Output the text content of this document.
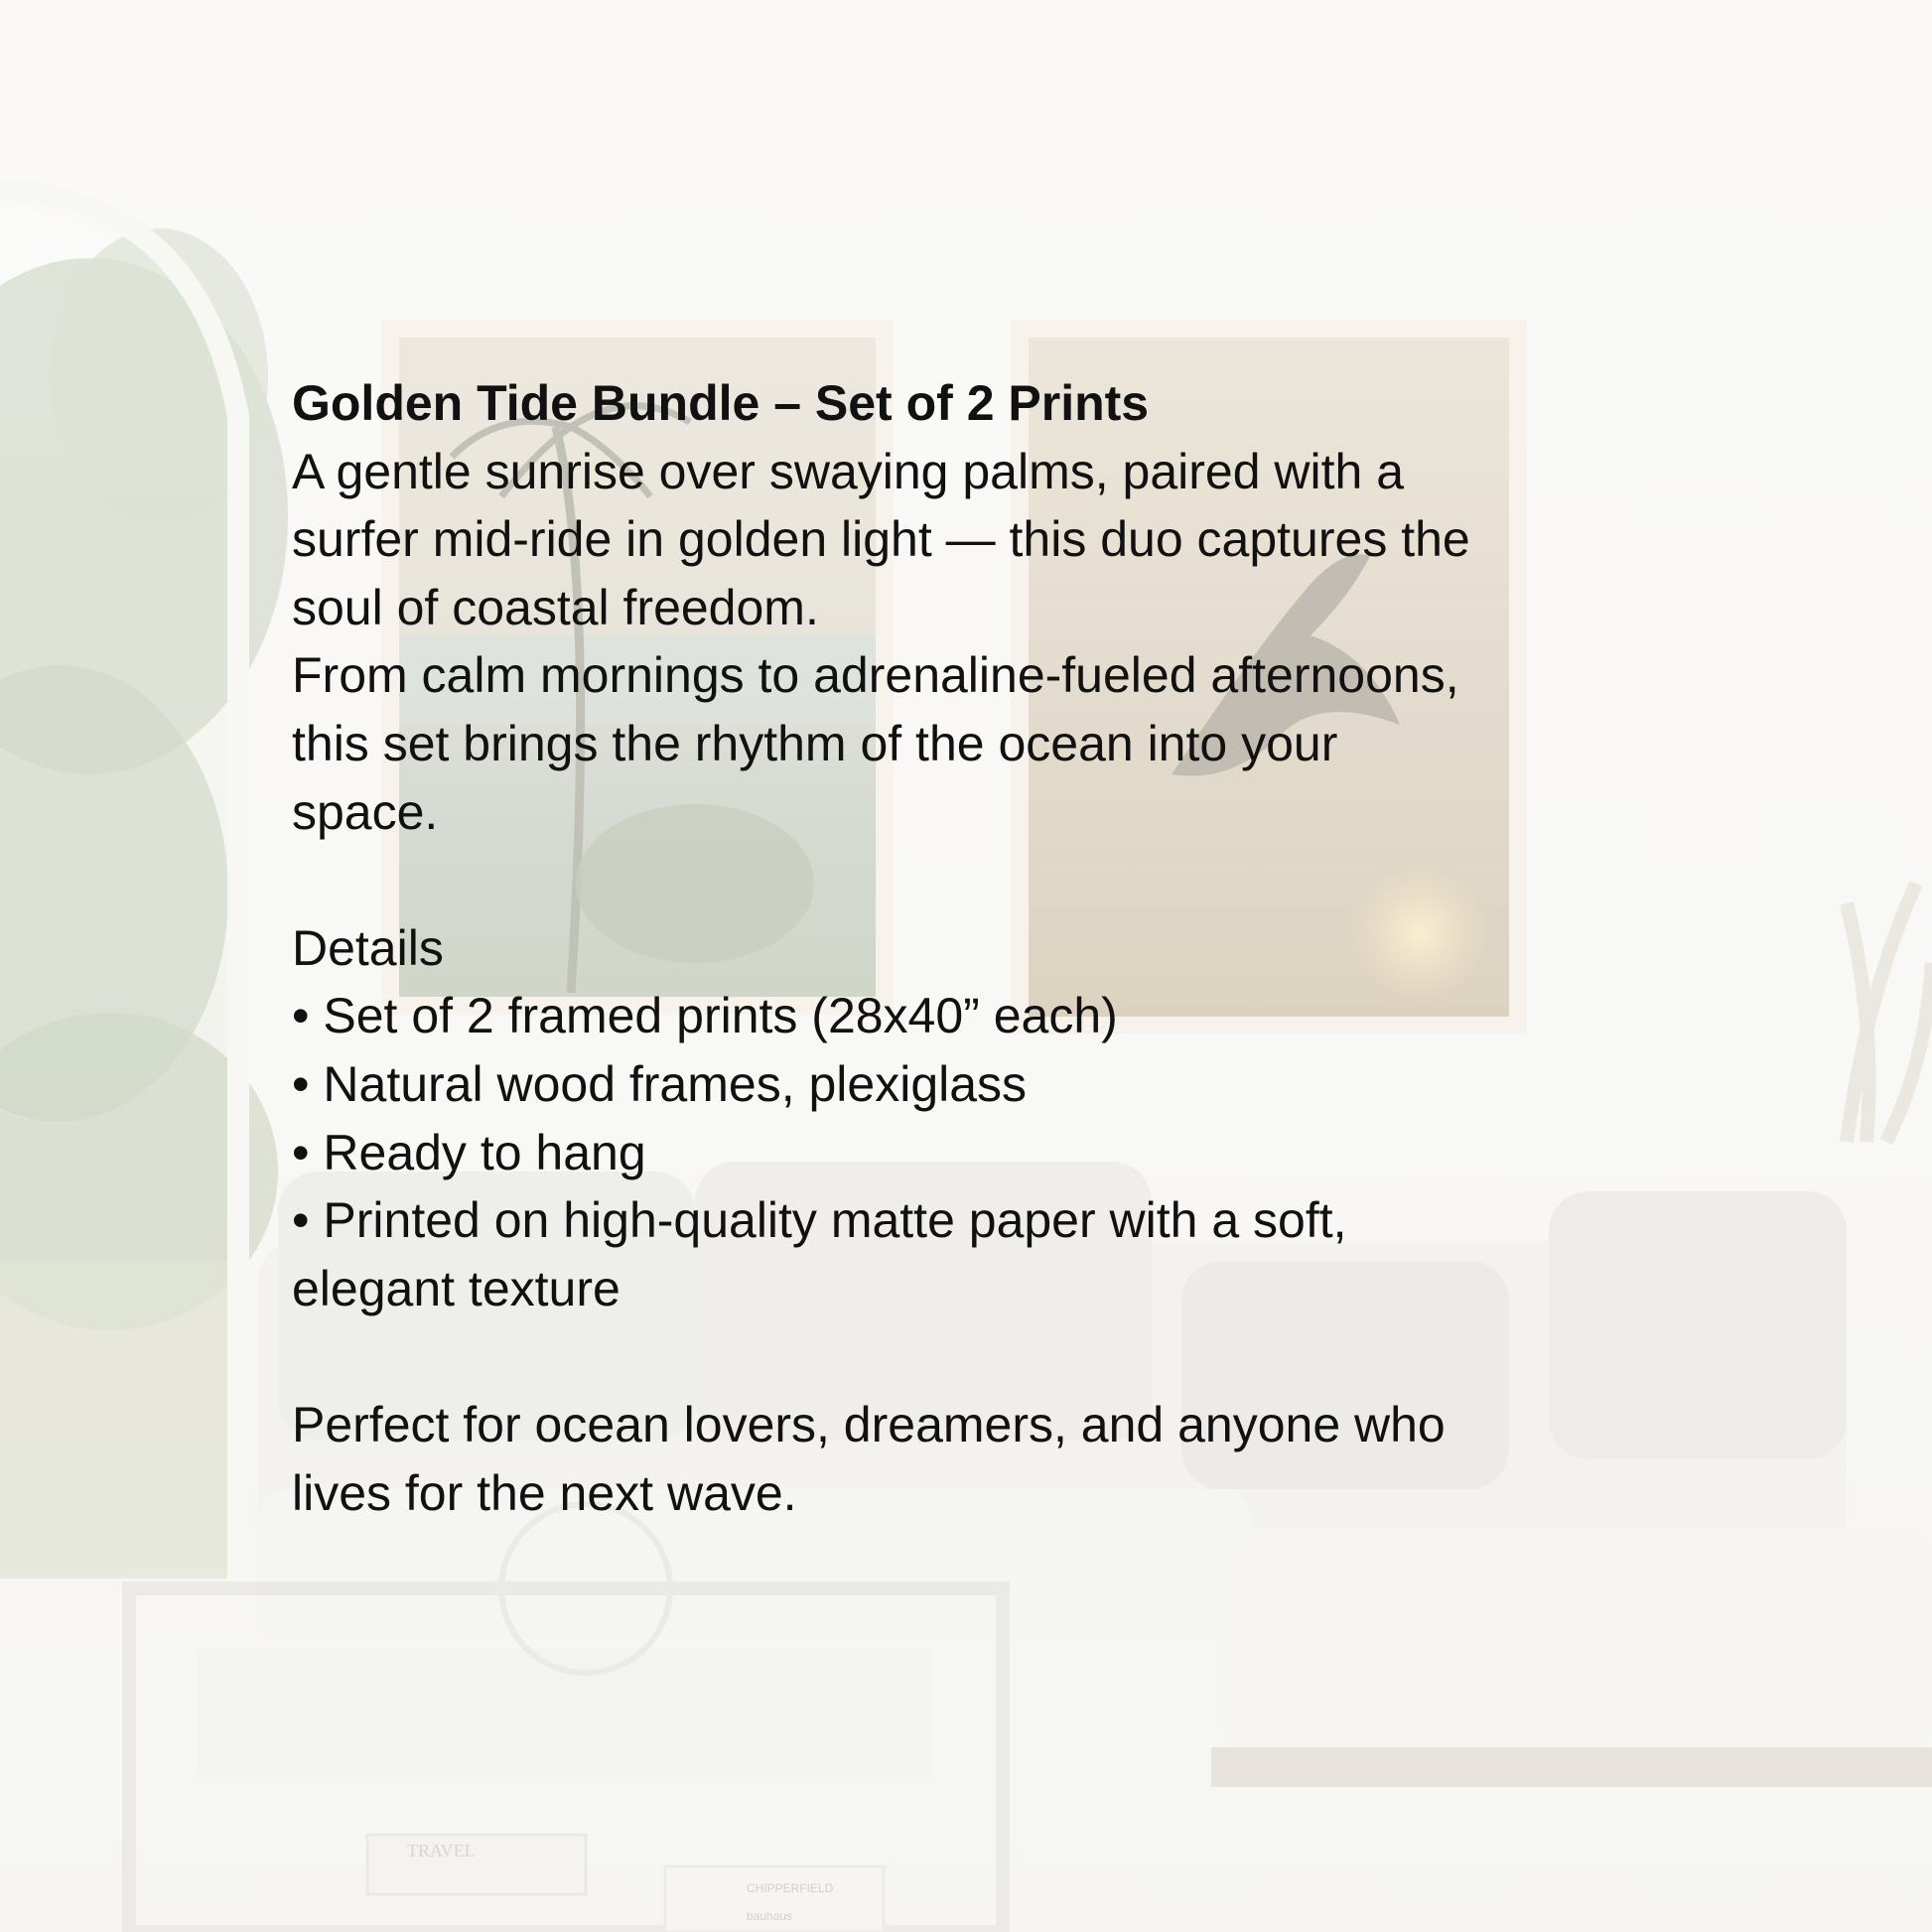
Golden Tide Bundle – Set of 2 Prints

A gentle sunrise over swaying palms, paired with a

surfer mid-ride in golden light — this duo captures the

soul of coastal freedom.

From calm mornings to adrenaline-fueled afternoons,

this set brings the rhythm of the ocean into your

space.

Details

• Set of 2 framed prints (28x40” each)

• Natural wood frames, plexiglass

• Ready to hang

• Printed on high-quality matte paper with a soft,

elegant texture

Perfect for ocean lovers, dreamers, and anyone who

lives for the next wave.
